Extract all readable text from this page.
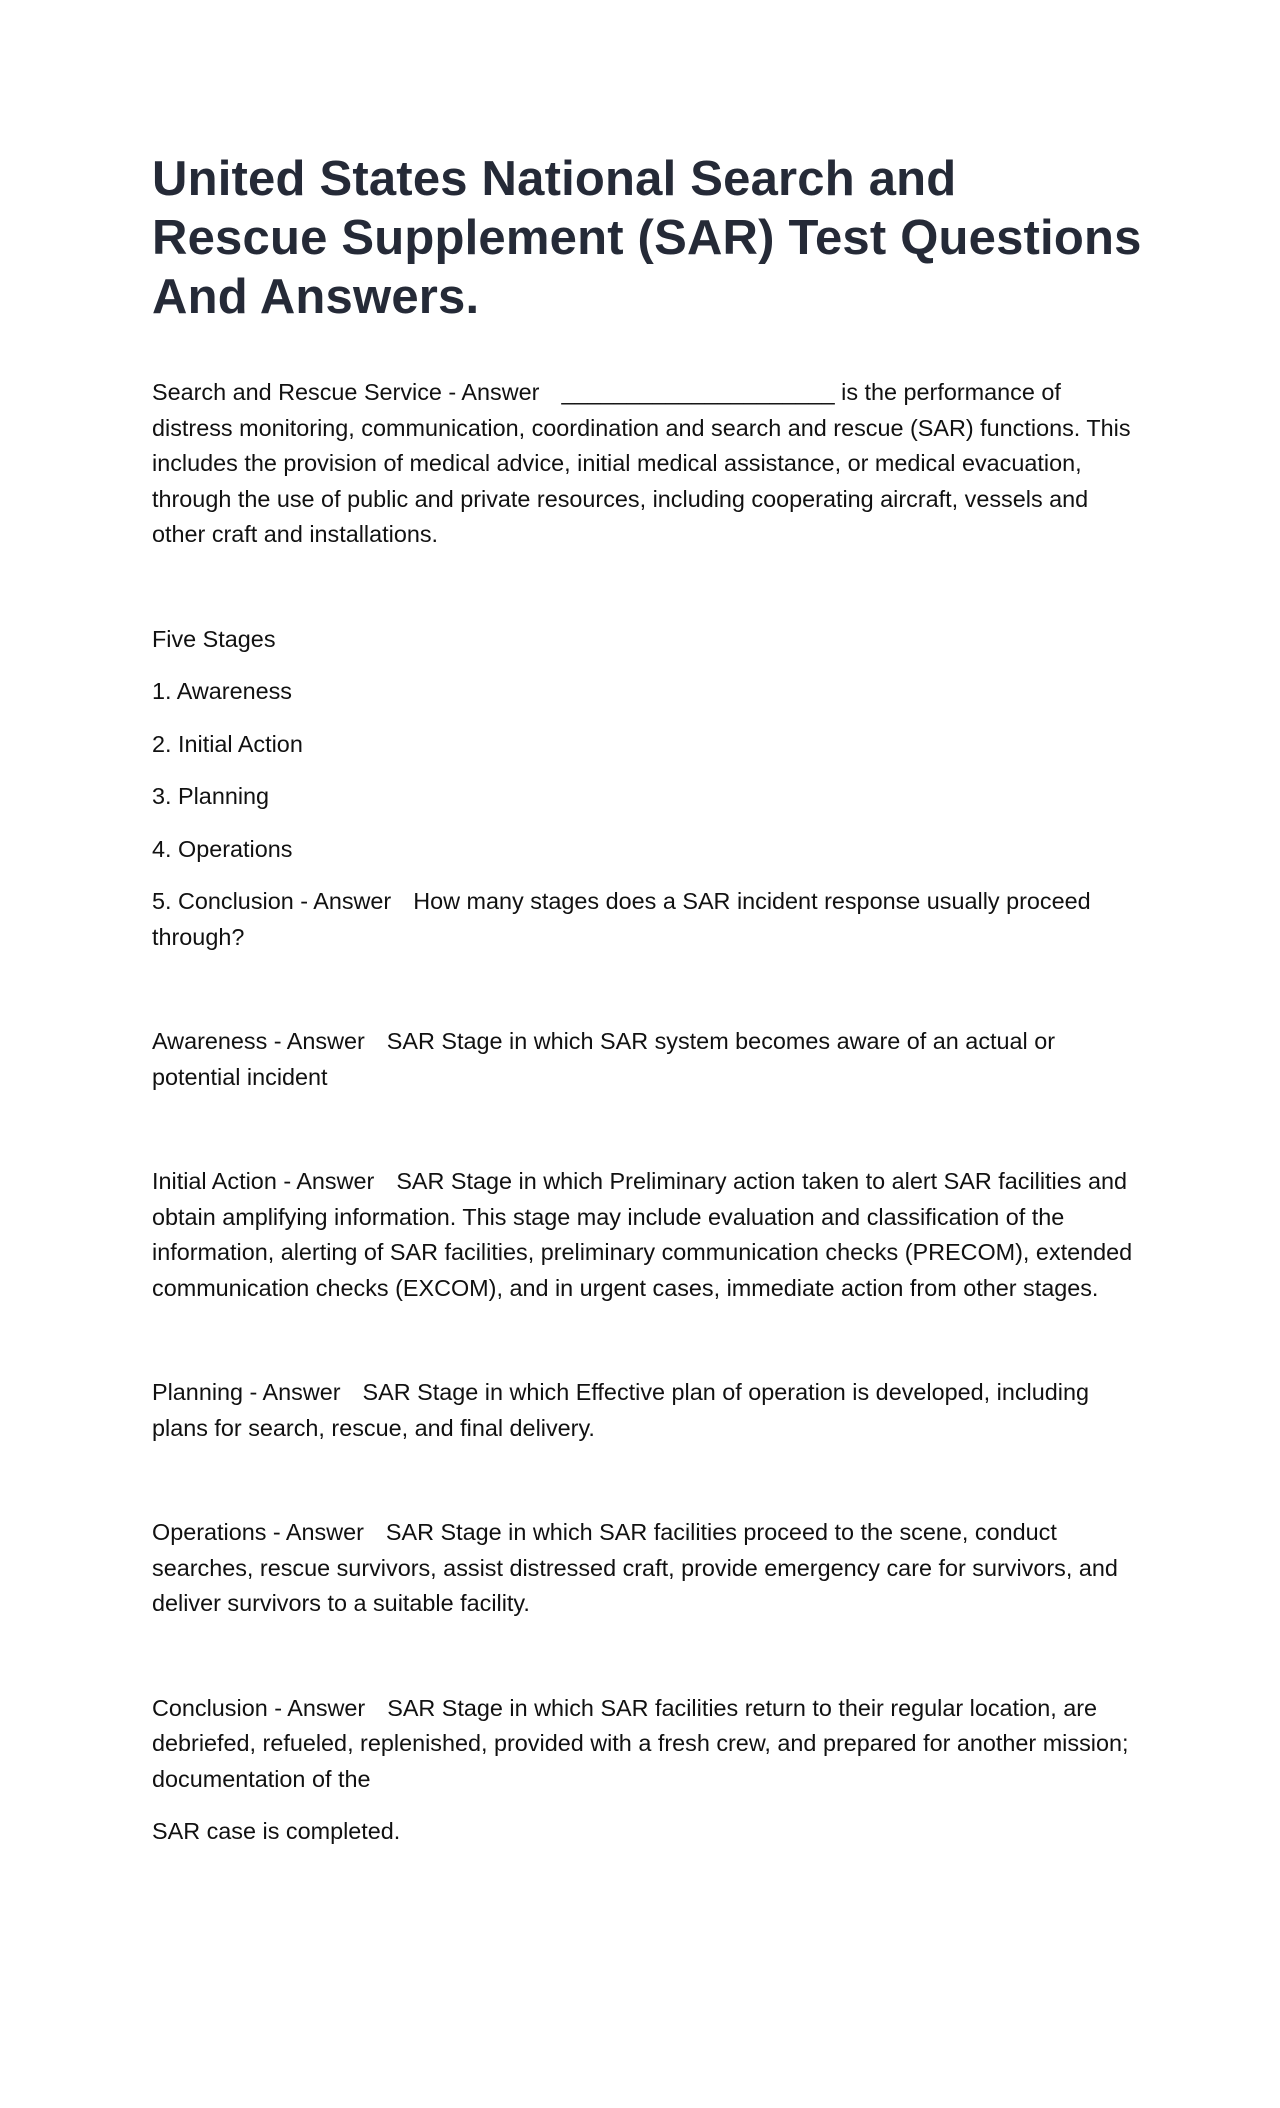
United States National Search and Rescue Supplement (SAR) Test Questions And Answers.

Search and Rescue Service - Answer _____________________ is the performance of distress monitoring, communication, coordination and search and rescue (SAR) functions. This includes the provision of medical advice, initial medical assistance, or medical evacuation, through the use of public and private resources, including cooperating aircraft, vessels and other craft and installations.

Five Stages

1. Awareness

2. Initial Action

3. Planning

4. Operations

5. Conclusion - Answer How many stages does a SAR incident response usually proceed through?

Awareness - Answer SAR Stage in which SAR system becomes aware of an actual or potential incident

Initial Action - Answer SAR Stage in which Preliminary action taken to alert SAR facilities and obtain amplifying information. This stage may include evaluation and classification of the information, alerting of SAR facilities, preliminary communication checks (PRECOM), extended communication checks (EXCOM), and in urgent cases, immediate action from other stages.

Planning - Answer SAR Stage in which Effective plan of operation is developed, including plans for search, rescue, and final delivery.

Operations - Answer SAR Stage in which SAR facilities proceed to the scene, conduct searches, rescue survivors, assist distressed craft, provide emergency care for survivors, and deliver survivors to a suitable facility.

Conclusion - Answer SAR Stage in which SAR facilities return to their regular location, are debriefed, refueled, replenished, provided with a fresh crew, and prepared for another mission; documentation of the

SAR case is completed.
